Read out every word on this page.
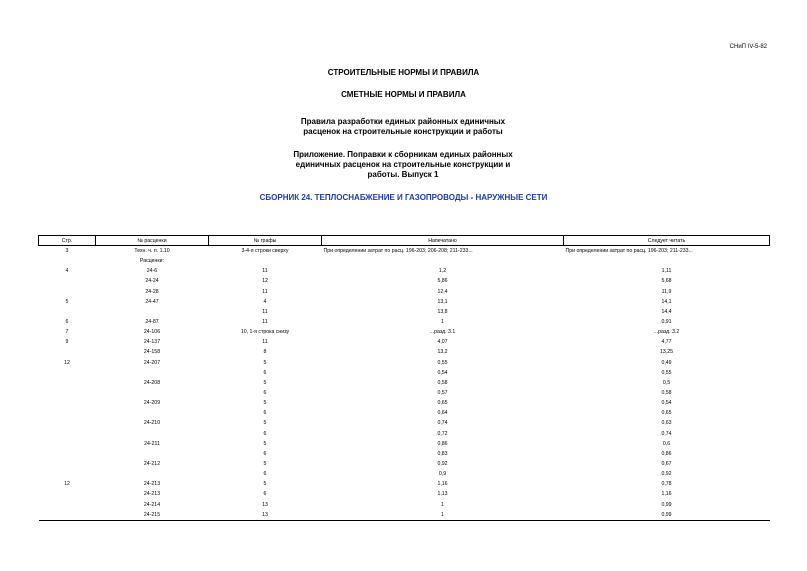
СНиП IV-5-82
СТРОИТЕЛЬНЫЕ НОРМЫ И ПРАВИЛА
СМЕТНЫЕ НОРМЫ И ПРАВИЛА
Правила разработки единых районных единичных расценок на строительные конструкции и работы
Приложение. Поправки к сборникам единых районных единичных расценок на строительные конструкции и работы. Выпуск 1
СБОРНИК 24. ТЕПЛОСНАБЖЕНИЕ И ГАЗОПРОВОДЫ - НАРУЖНЫЕ СЕТИ
Стр.	№ расценки	№ графы	Напечатано	Следует читать
3	Техн. ч. п. 1.10	3-4-я строки сверху	При определении затрат по расц. 196-203; 206-208; 211-233...	При определении затрат по расц. 196-203; 211-233...
	Расценки:			
4	24-6	11	1,2	1,11
	24-24	12	5,86	5,68
	24-28	11	12,4	11,9
5	24-47	4	13,1	14,1
		11	13,8	14,4
6	24-87	11	1	0,91
7	24-106	10, 1-я строка снизу	...разд. 3.1	...разд. 3.2
9	24-137	11	4,07	4,77
	24-158	8	13,2	13,25
12	24-207	5	0,55	0,49
		6	0,54	0,55
	24-208	5	0,58	0,5
		6	0,57	0,58
	24-209	5	0,65	0,54
		6	0,64	0,65
	24-210	5	0,74	0,63
		6	0,72	0,74
	24-211	5	0,86	0,6
		6	0,83	0,86
	24-212	5	0,92	0,67
		6	0,9	0,92
12	24-213	5	1,16	0,78
	24-213	6	1,13	1,16
	24-214	13	1	0,99
	24-215	13	1	0,99
